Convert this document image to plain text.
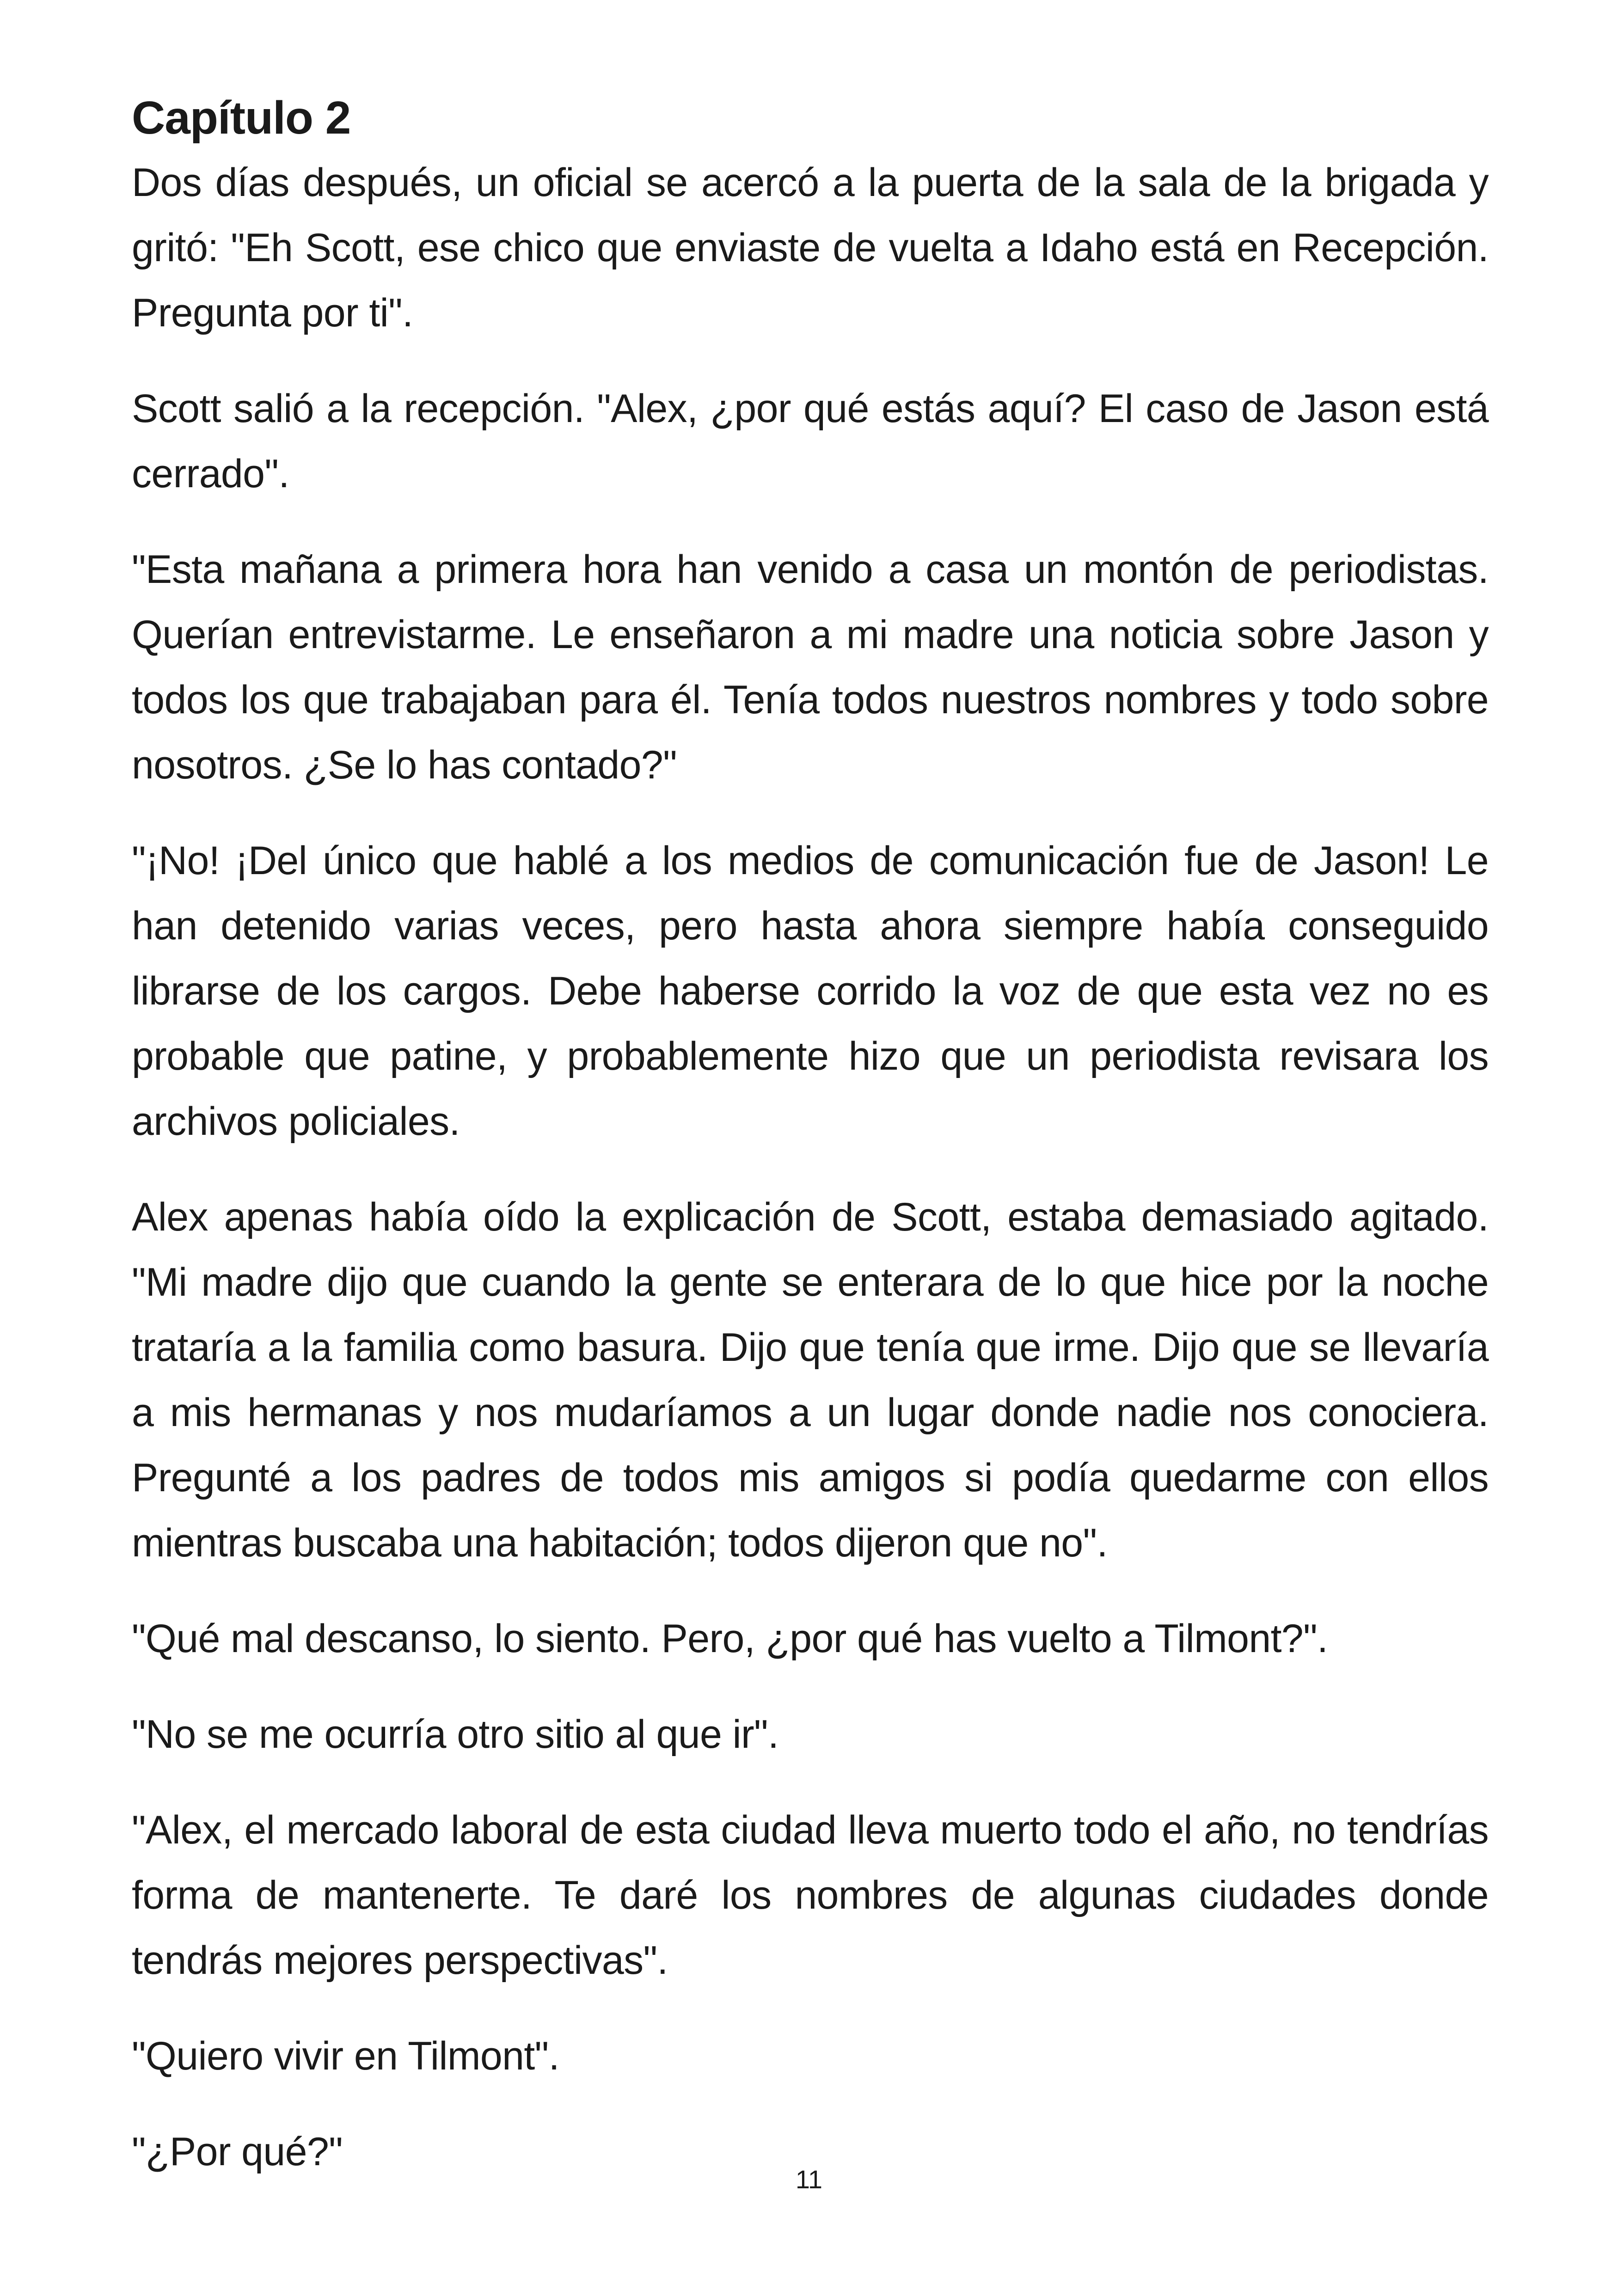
Capítulo 2

Dos días después, un oficial se acercó a la puerta de la sala de la brigada y gritó: "Eh Scott, ese chico que enviaste de vuelta a Idaho está en Recepción. Pregunta por ti".

Scott salió a la recepción. "Alex, ¿por qué estás aquí? El caso de Jason está cerrado".

"Esta mañana a primera hora han venido a casa un montón de periodistas. Querían entrevistarme. Le enseñaron a mi madre una noticia sobre Jason y todos los que trabajaban para él. Tenía todos nuestros nombres y todo sobre nosotros. ¿Se lo has contado?"

"¡No! ¡Del único que hablé a los medios de comunicación fue de Jason! Le han detenido varias veces, pero hasta ahora siempre había conseguido librarse de los cargos. Debe haberse corrido la voz de que esta vez no es probable que patine, y probablemente hizo que un periodista revisara los archivos policiales.

Alex apenas había oído la explicación de Scott, estaba demasiado agitado. "Mi madre dijo que cuando la gente se enterara de lo que hice por la noche trataría a la familia como basura. Dijo que tenía que irme. Dijo que se llevaría a mis hermanas y nos mudaríamos a un lugar donde nadie nos conociera. Pregunté a los padres de todos mis amigos si podía quedarme con ellos mientras buscaba una habitación; todos dijeron que no".

"Qué mal descanso, lo siento. Pero, ¿por qué has vuelto a Tilmont?".

"No se me ocurría otro sitio al que ir".

"Alex, el mercado laboral de esta ciudad lleva muerto todo el año, no tendrías forma de mantenerte. Te daré los nombres de algunas ciudades donde tendrás mejores perspectivas".

"Quiero vivir en Tilmont".

"¿Por qué?"

11
